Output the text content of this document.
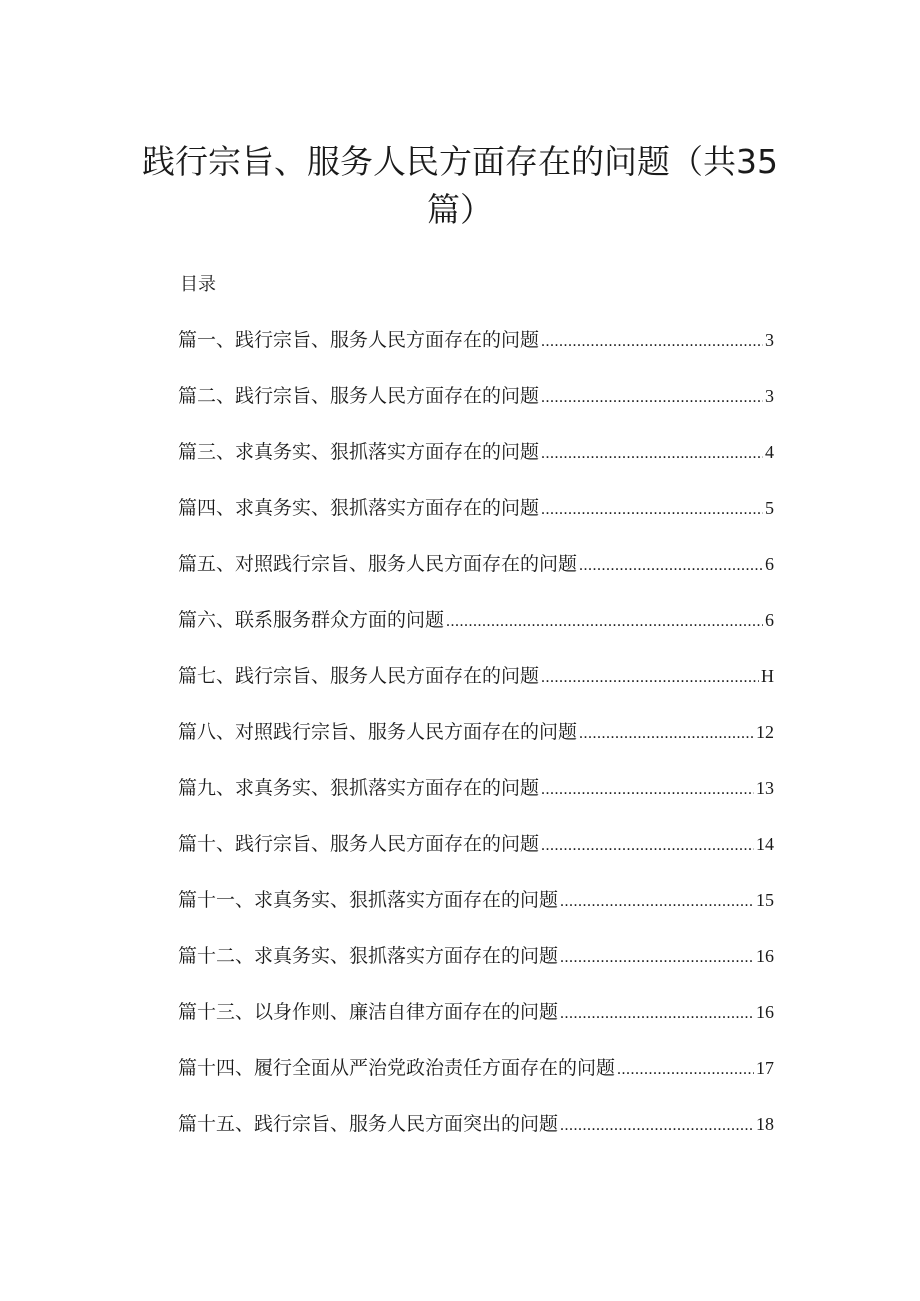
践行宗旨、服务人民方面存在的问题（共35篇）
目录
篇一、践行宗旨、服务人民方面存在的问题 .....	3
篇二、践行宗旨、服务人民方面存在的问题 .....	3
篇三、求真务实、狠抓落实方面存在的问题 .....	4
篇四、求真务实、狠抓落实方面存在的问题 .....	5
篇五、对照践行宗旨、服务人民方面存在的问题 .....	6
篇六、联系服务群众方面的问题 .....	6
篇七、践行宗旨、服务人民方面存在的问题 .....	H
篇八、对照践行宗旨、服务人民方面存在的问题 .....	12
篇九、求真务实、狠抓落实方面存在的问题 .....	13
篇十、践行宗旨、服务人民方面存在的问题 .....	14
篇十一、求真务实、狠抓落实方面存在的问题 .....	15
篇十二、求真务实、狠抓落实方面存在的问题 .....	16
篇十三、以身作则、廉洁自律方面存在的问题 .....	16
篇十四、履行全面从严治党政治责任方面存在的问题 .....	17
篇十五、践行宗旨、服务人民方面突出的问题 .....	18
